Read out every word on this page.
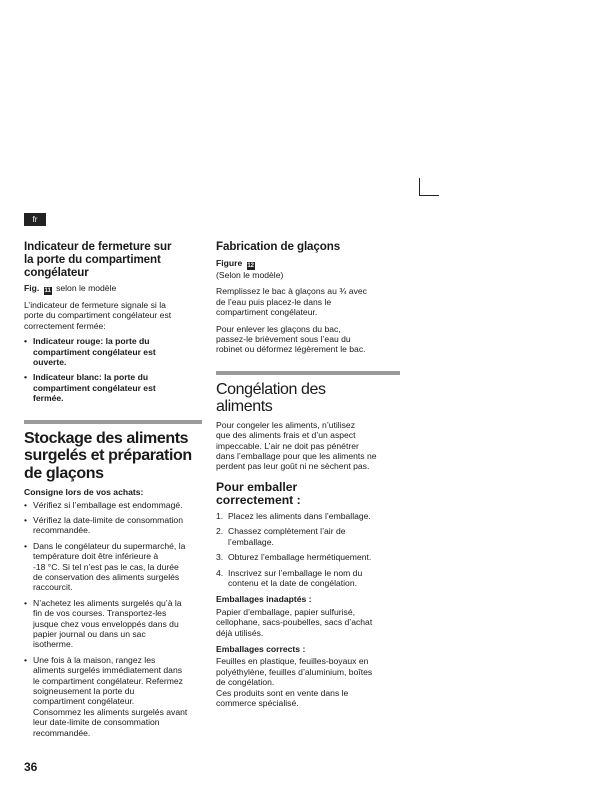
fr
Indicateur de fermeture sur
la porte du compartiment
congélateur
Fig. 11 selon le modèle
L’indicateur de fermeture signale si la
porte du compartiment congélateur est
correctement fermée:
• Indicateur rouge: la porte du
compartiment congélateur est
ouverte.
• Indicateur blanc: la porte du
compartiment congélateur est
fermée.
Stockage des aliments
surgelés et préparation
de glaçons
Consigne lors de vos achats:
• Vérifiez si l’emballage est endommagé.
• Vérifiez la date-limite de consommation
recommandée.
• Dans le congélateur du supermarché, la
température doit être inférieure à
-18 °C. Si tel n’est pas le cas, la durée
de conservation des aliments surgelés
raccourcit.
• N’achetez les aliments surgelés qu’à la
fin de vos courses. Transportez-les
jusque chez vous enveloppés dans du
papier journal ou dans un sac
isotherme.
• Une fois à la maison, rangez les
aliments surgelés immédiatement dans
le compartiment congélateur. Refermez
soigneusement la porte du
compartiment congélateur.
Consommez les aliments surgelés avant
leur date-limite de consommation
recommandée.
Fabrication de glaçons
Figure 12
(Selon le modèle)
Remplissez le bac à glaçons au ¾ avec
de l’eau puis placez-le dans le
compartiment congélateur.
Pour enlever les glaçons du bac,
passez-le brièvement sous l’eau du
robinet ou déformez légèrement le bac.
Congélation des
aliments
Pour congeler les aliments, n’utilisez
que des aliments frais et d’un aspect
impeccable. L’air ne doit pas pénétrer
dans l’emballage pour que les aliments ne
perdent pas leur goût ni ne sèchent pas.
Pour emballer
correctement :
1. Placez les aliments dans l’emballage.
2. Chassez complètement l’air de
l’emballage.
3. Obturez l’emballage hermétiquement.
4. Inscrivez sur l’emballage le nom du
contenu et la date de congélation.
Emballages inadaptés :
Papier d’emballage, papier sulfurisé,
cellophane, sacs-poubelles, sacs d’achat
déjà utilisés.
Emballages corrects :
Feuilles en plastique, feuilles-boyaux en
polyéthylène, feuilles d’aluminium, boîtes
de congélation.
Ces produits sont en vente dans le
commerce spécialisé.
36
